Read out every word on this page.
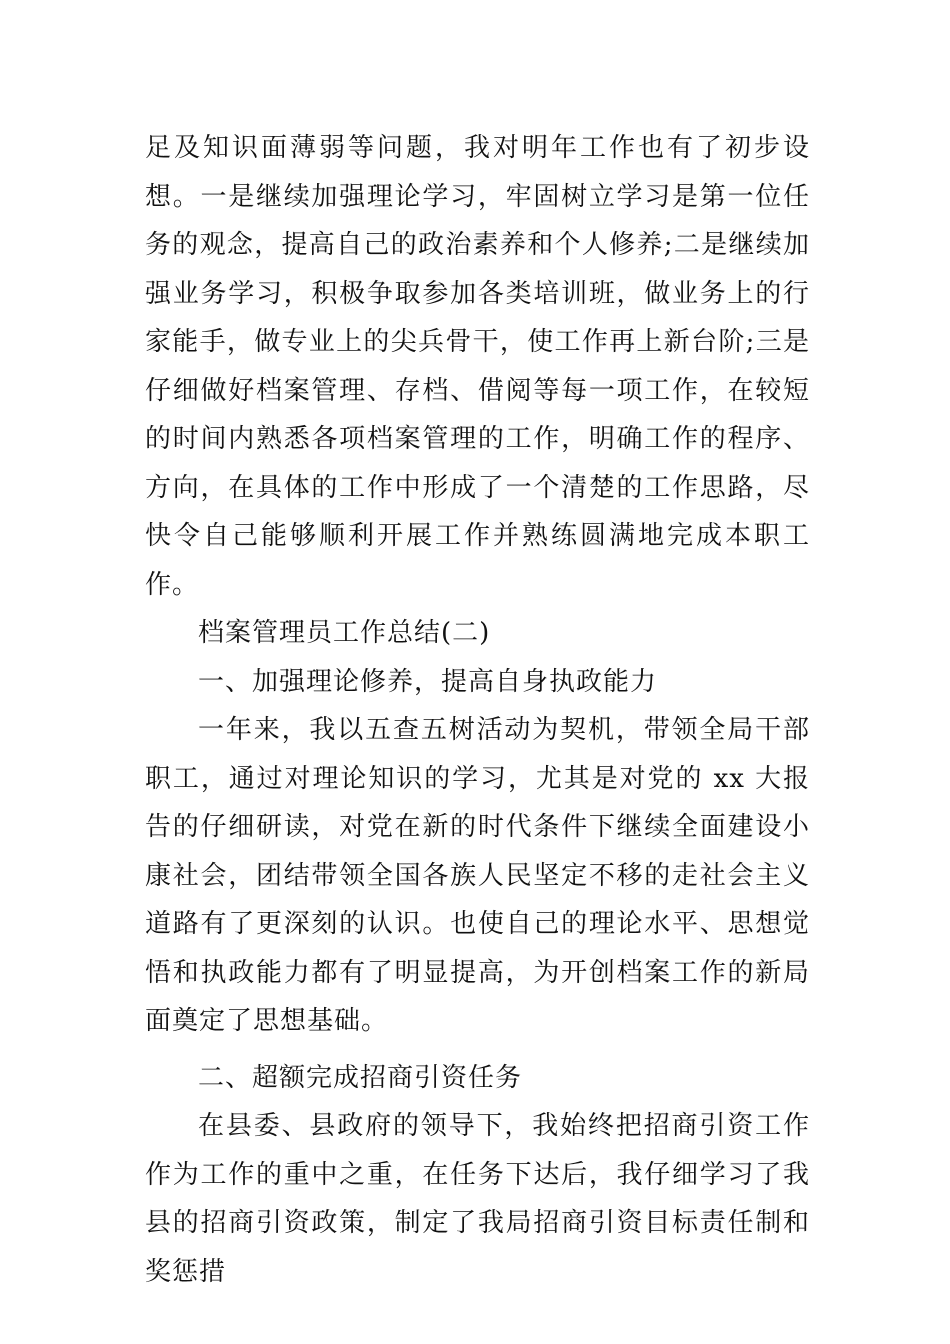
足及知识面薄弱等问题，我对明年工作也有了初步设想。一是继续加强理论学习，牢固树立学习是第一位任务的观念，提高自己的政治素养和个人修养;二是继续加强业务学习，积极争取参加各类培训班，做业务上的行家能手，做专业上的尖兵骨干，使工作再上新台阶;三是仔细做好档案管理、存档、借阅等每一项工作，在较短的时间内熟悉各项档案管理的工作，明确工作的程序、方向，在具体的工作中形成了一个清楚的工作思路，尽快令自己能够顺利开展工作并熟练圆满地完成本职工作。

档案管理员工作总结(二)

一、加强理论修养，提高自身执政能力

一年来，我以五查五树活动为契机，带领全局干部职工，通过对理论知识的学习，尤其是对党的 xx 大报告的仔细研读，对党在新的时代条件下继续全面建设小康社会，团结带领全国各族人民坚定不移的走社会主义道路有了更深刻的认识。也使自己的理论水平、思想觉悟和执政能力都有了明显提高，为开创档案工作的新局面奠定了思想基础。

二、超额完成招商引资任务

在县委、县政府的领导下，我始终把招商引资工作作为工作的重中之重，在任务下达后，我仔细学习了我县的招商引资政策，制定了我局招商引资目标责任制和奖惩措
